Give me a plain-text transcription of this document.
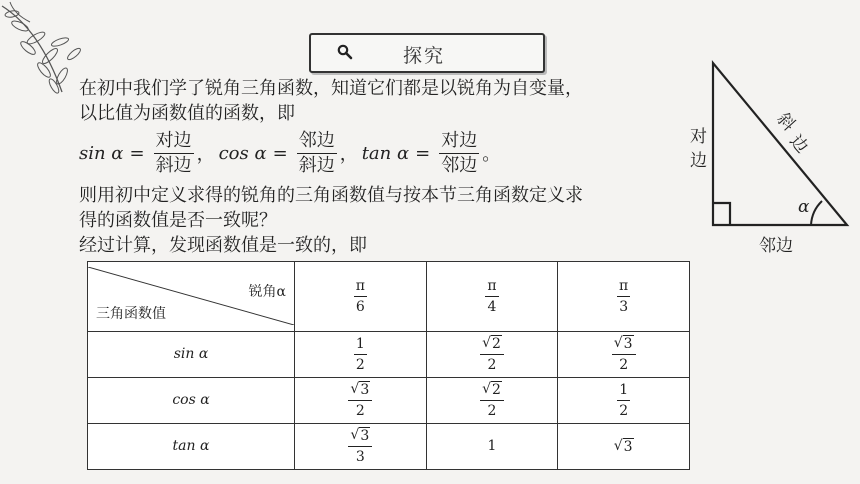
探究
在初中我们学了锐角三角函数，知道它们都是以锐角为自变量，
以比值为函数值的函数，即
$\sin \alpha = \frac{\text{对边}}{\text{斜边}}$ ， $\cos \alpha = \frac{\text{邻边}}{\text{斜边}}$ ， $\tan \alpha = \frac{\text{对边}}{\text{邻边}}$ 。
则用初中定义求得的锐角的三角函数值与按本节三角函数定义求
得的函数值是否一致呢？
经过计算，发现函数值是一致的，即
锐角α
三角函数值	$\frac{\pi}{6}$	$\frac{\pi}{4}$	$\frac{\pi}{3}$

sin α	$\frac{1}{2}$	$\frac{√ 2}{2}$	$\frac{√ 3}{2}$

cos α	$\frac{√ 3}{2}$	$\frac{√ 2}{2}$	$\frac{1}{2}$

tan α	$\frac{√ 3}{3}$	1	√ 3
对
边
斜
边
邻边
α
